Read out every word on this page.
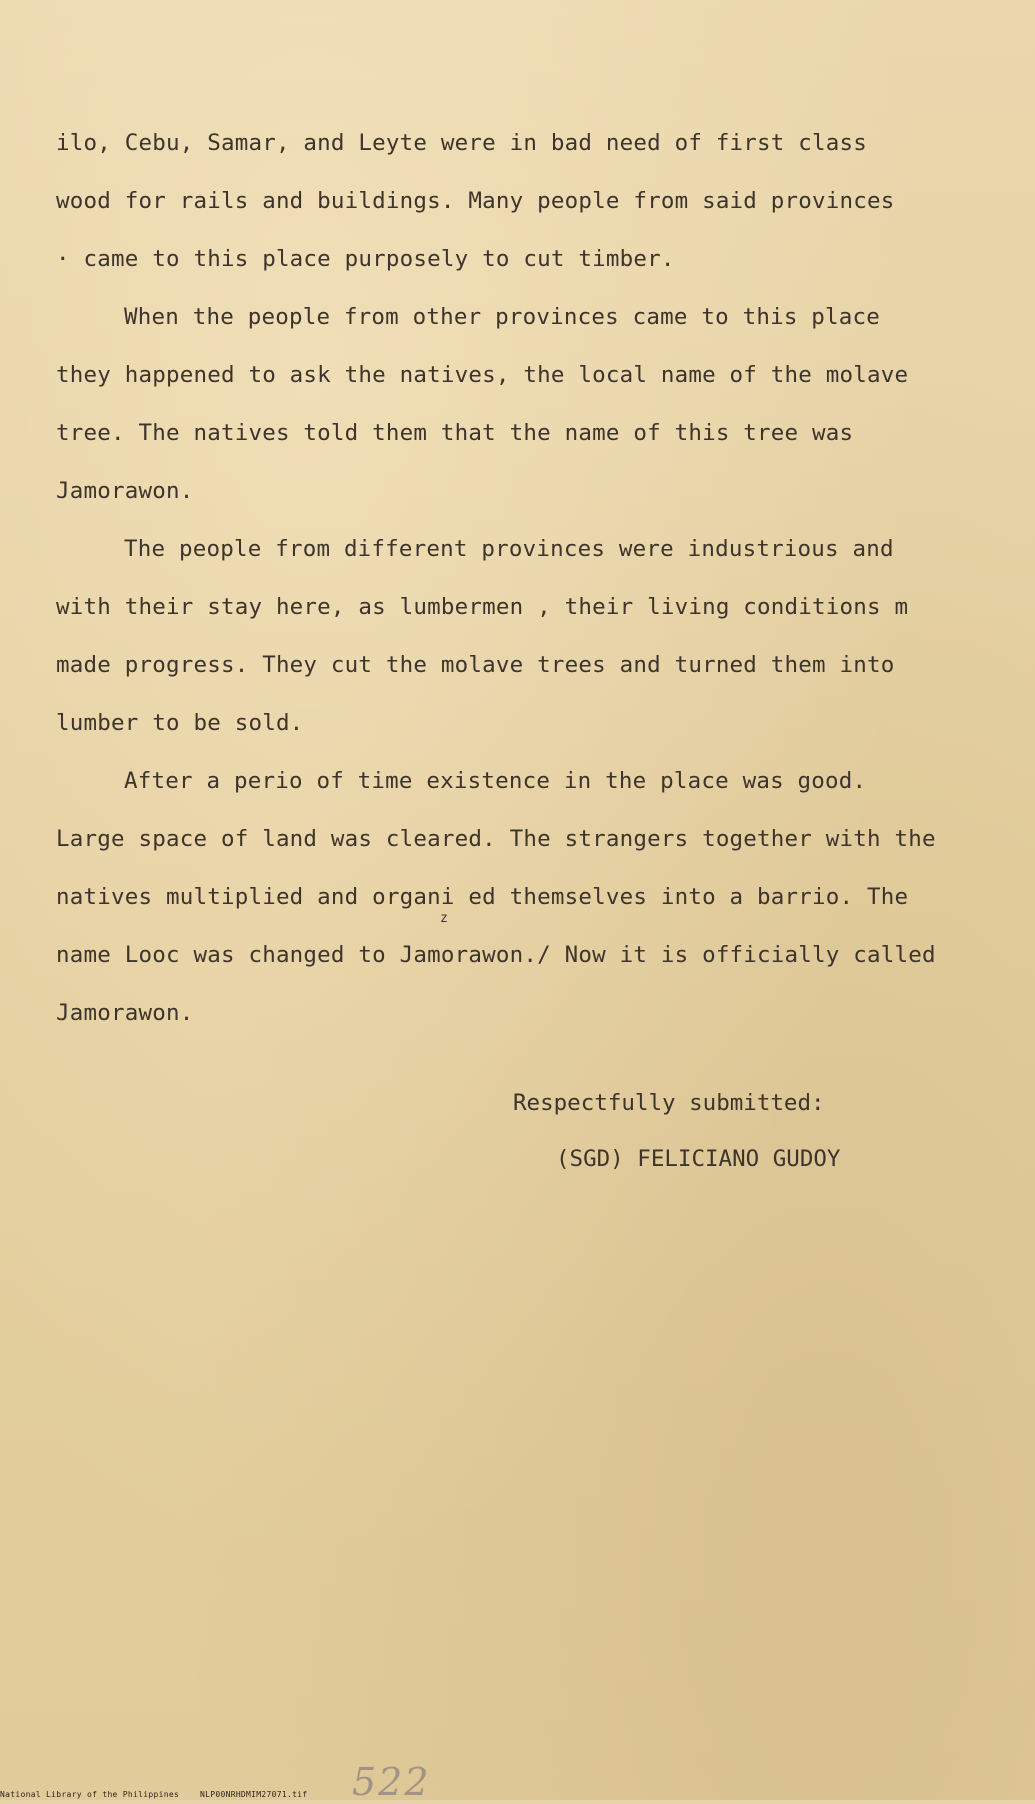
ilo, Cebu, Samar, and Leyte were in bad need of first class
wood for rails and buildings. Many people from said provinces
· came to this place purposely to cut timber.
When the people from other provinces came to this place
they happened to ask the natives, the local name of the molave
tree. The natives told them that the name of this tree was
Jamorawon.
The people from different provinces were industrious and
with their stay here, as lumbermen , their living conditions m
made progress. They cut the molave trees and turned them into
lumber to be sold.
After a perio of time existence in the place was good.
Large space of land was cleared. The strangers together with the
natives multiplied and organi ed themselves into a barrio. The
name Looc was changed to Jamorawon./ Now it is officially called
Jamorawon.
z
Respectfully submitted:
(SGD) FELICIANO GUDOY
522
National Library of the Philippines	NLP00NRHDMIM27071.tif
